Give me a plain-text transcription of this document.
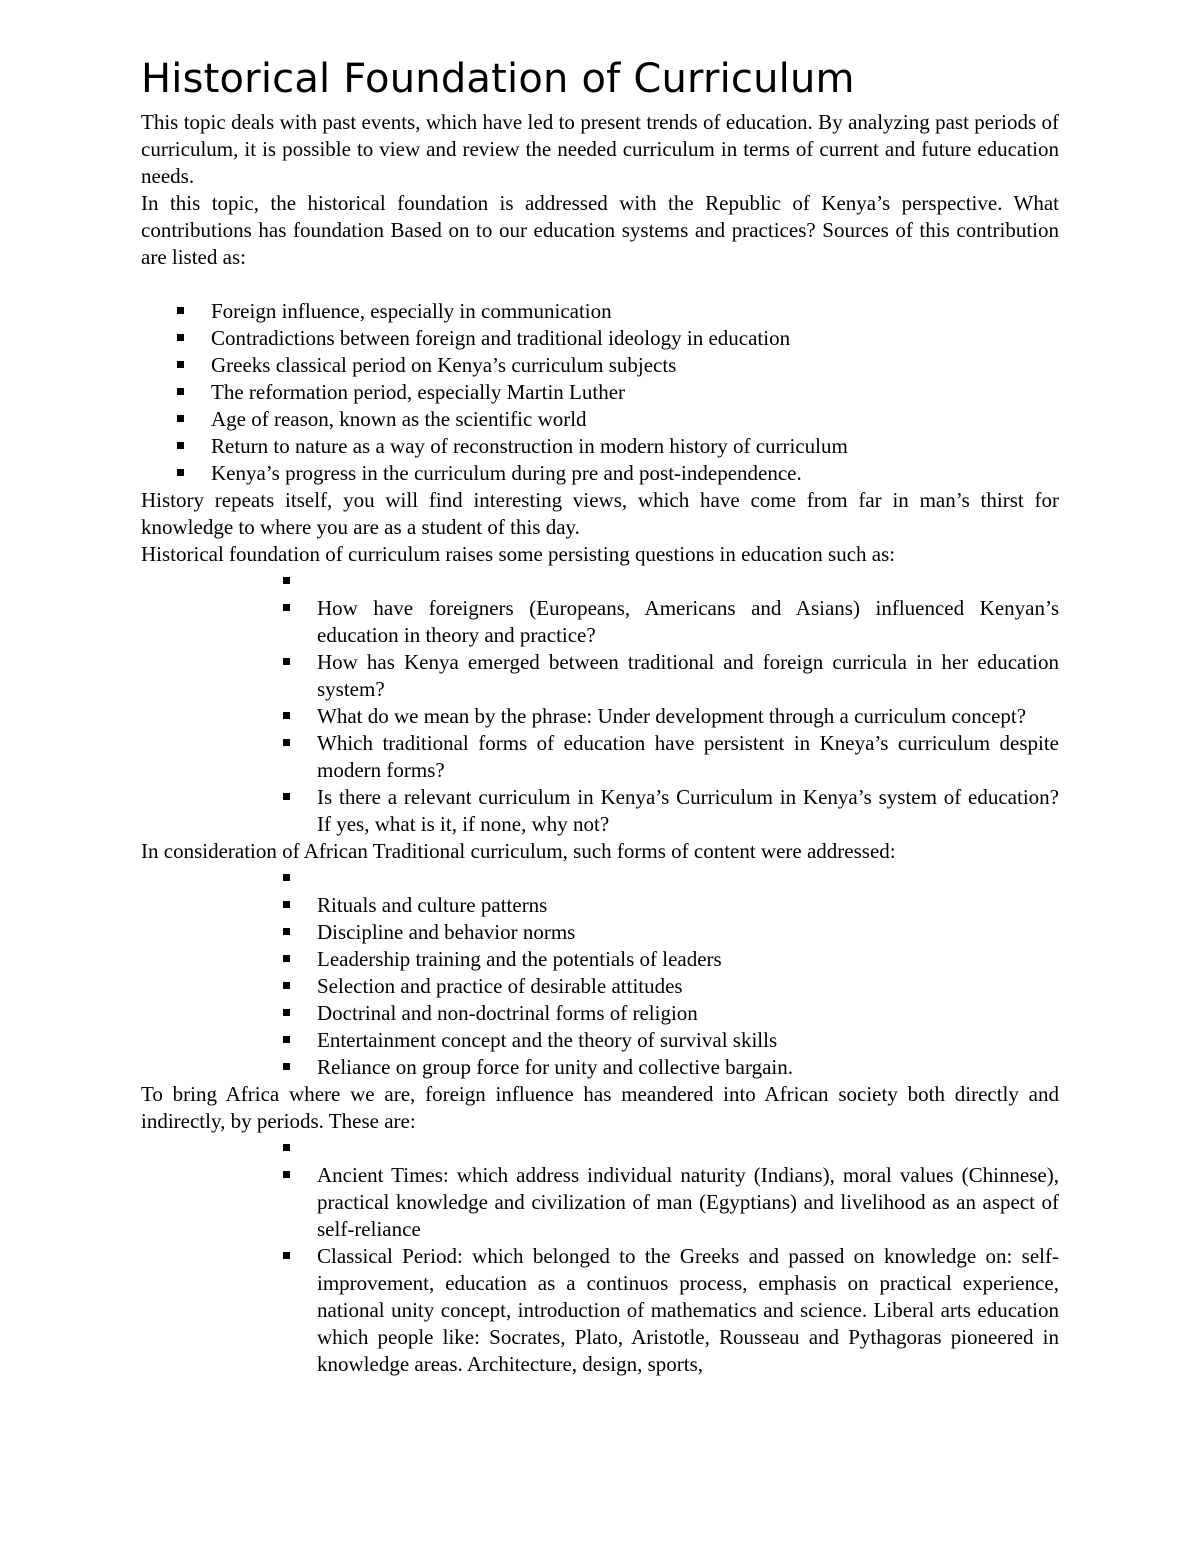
Historical Foundation of Curriculum

This topic deals with past events, which have led to present trends of education. By analyzing past periods of curriculum, it is possible to view and review the needed curriculum in terms of current and future education needs.

In this topic, the historical foundation is addressed with the Republic of Kenya’s perspective. What contributions has foundation Based on to our education systems and practices? Sources of this contribution are listed as:

Foreign influence, especially in communication
Contradictions between foreign and traditional ideology in education
Greeks classical period on Kenya’s curriculum subjects
The reformation period, especially Martin Luther
Age of reason, known as the scientific world
Return to nature as a way of reconstruction in modern history of curriculum
Kenya’s progress in the curriculum during pre and post-independence.

History repeats itself, you will find interesting views, which have come from far in man’s thirst for knowledge to where you are as a student of this day.

Historical foundation of curriculum raises some persisting questions in education such as:

How have foreigners (Europeans, Americans and Asians) influenced Kenyan’s education in theory and practice?
How has Kenya emerged between traditional and foreign curricula in her education system?
What do we mean by the phrase: Under development through a curriculum concept?
Which traditional forms of education have persistent in Kneya’s curriculum despite modern forms?
Is there a relevant curriculum in Kenya’s Curriculum in Kenya’s system of education? If yes, what is it, if none, why not?

In consideration of African Traditional curriculum, such forms of content were addressed:

Rituals and culture patterns
Discipline and behavior norms
Leadership training and the potentials of leaders
Selection and practice of desirable attitudes
Doctrinal and non-doctrinal forms of religion
Entertainment concept and the theory of survival skills
Reliance on group force for unity and collective bargain.

To bring Africa where we are, foreign influence has meandered into African society both directly and indirectly, by periods. These are:

Ancient Times: which address individual naturity (Indians), moral values (Chinnese), practical knowledge and civilization of man (Egyptians) and livelihood as an aspect of self-reliance
Classical Period: which belonged to the Greeks and passed on knowledge on: self- improvement, education as a continuos process, emphasis on practical experience, national unity concept, introduction of mathematics and science. Liberal arts education which people like: Socrates, Plato, Aristotle, Rousseau and Pythagoras pioneered in knowledge areas. Architecture, design, sports,
